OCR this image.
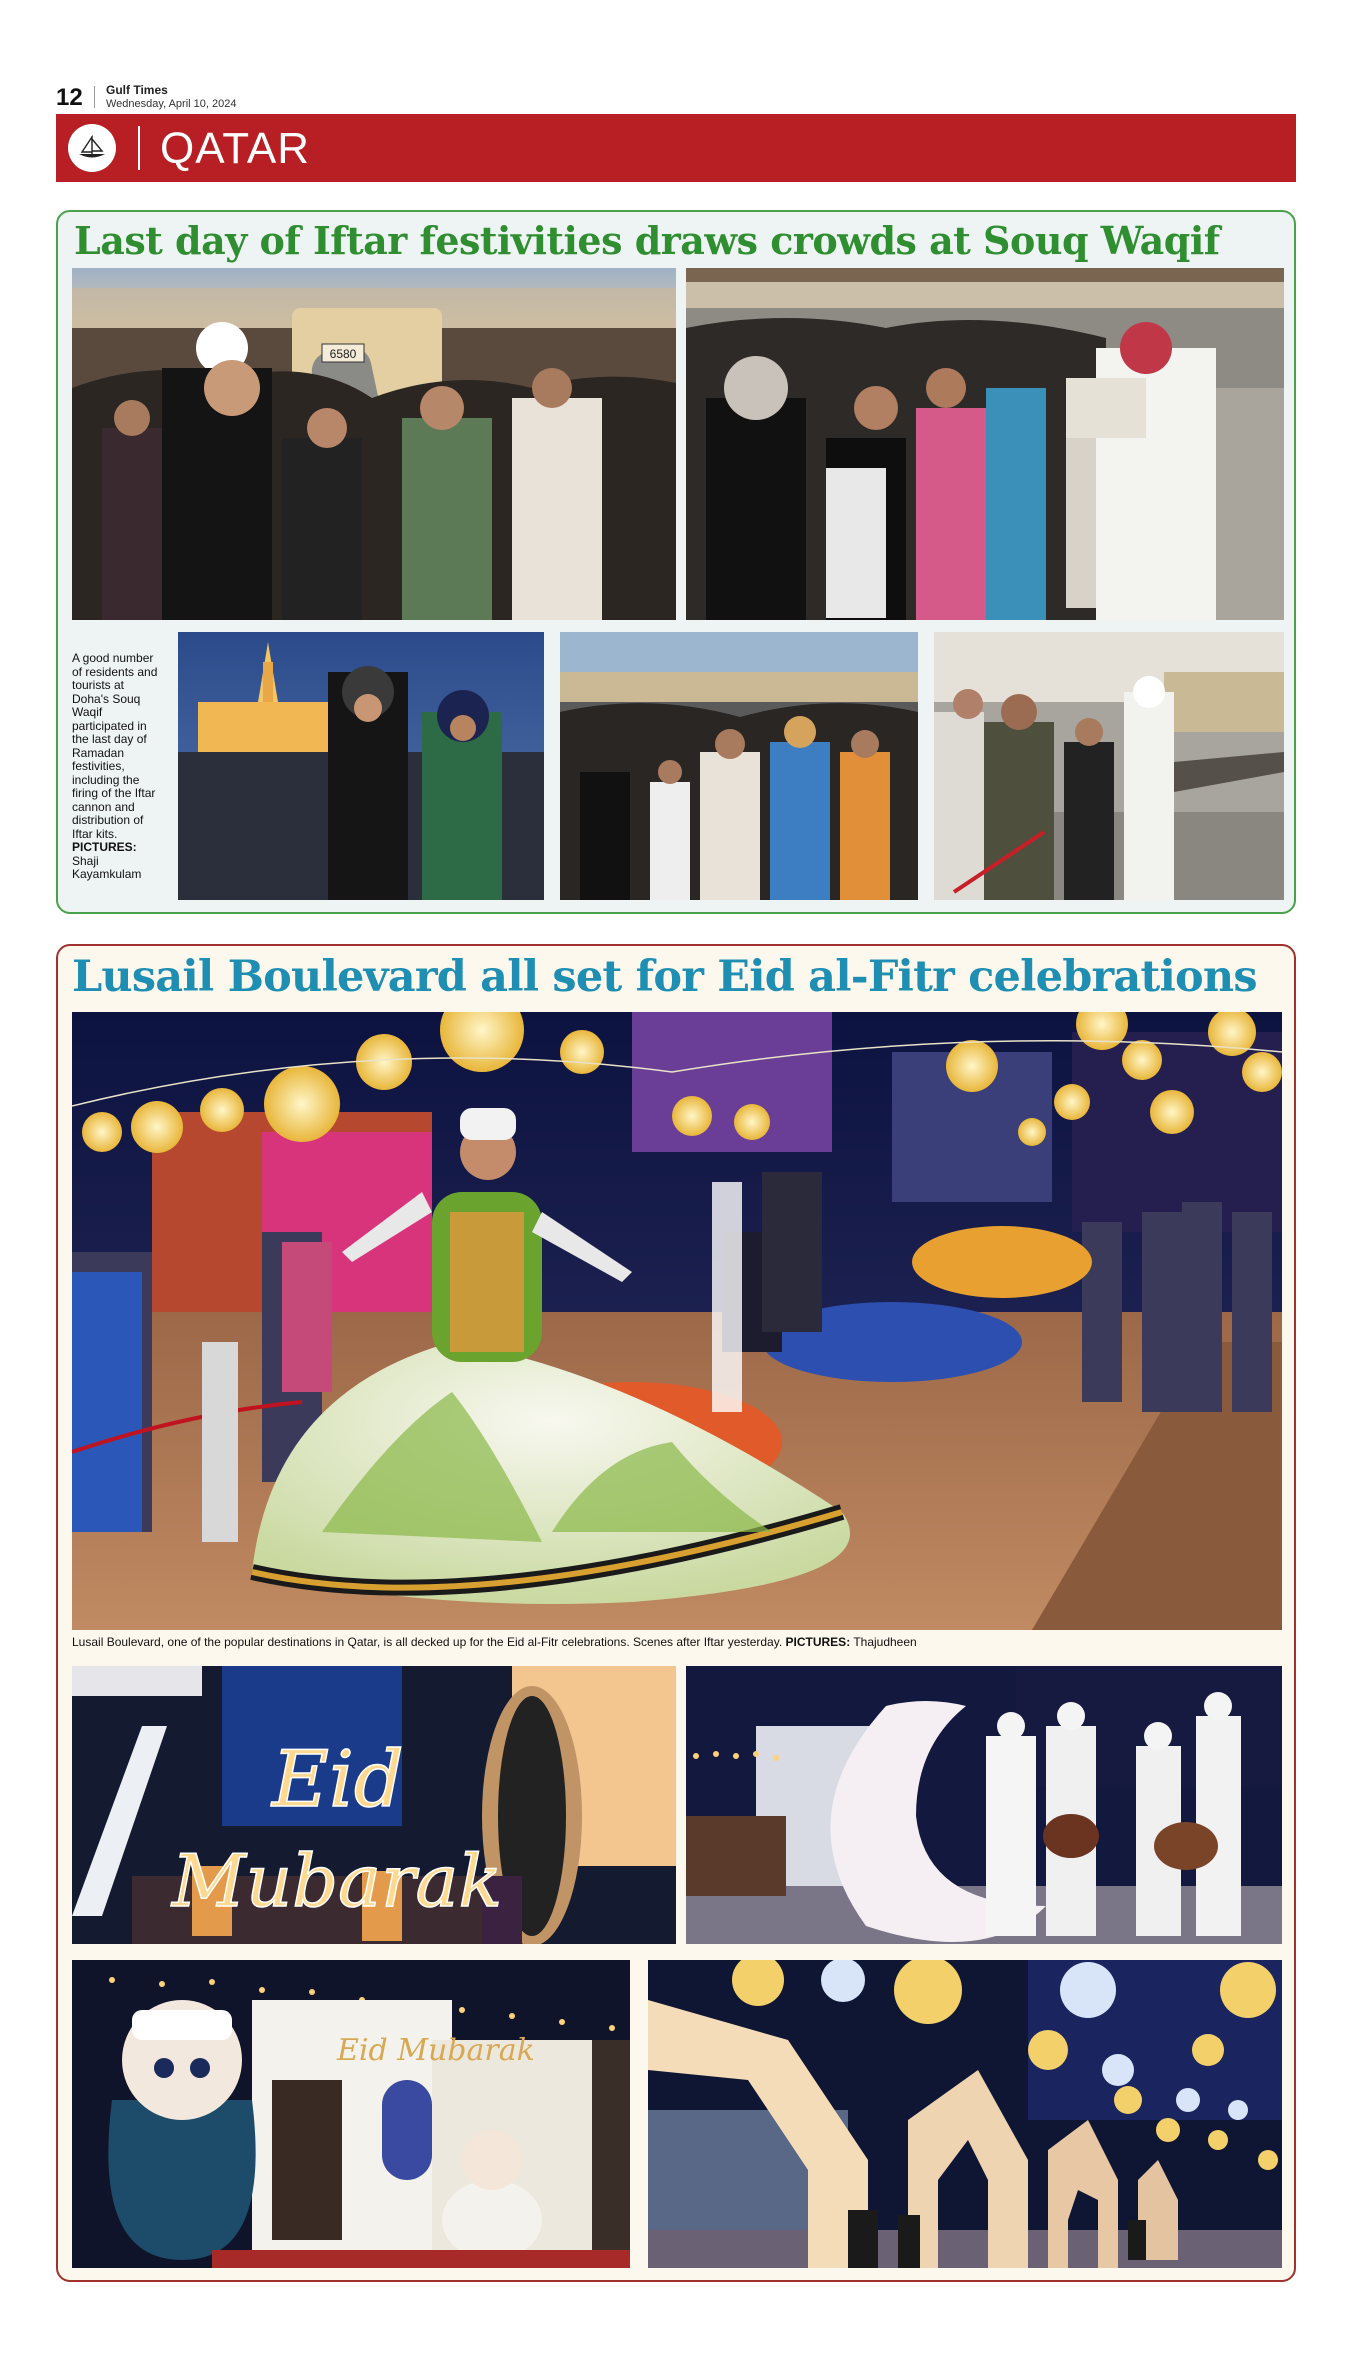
12 Gulf Times
Wednesday, April 10, 2024
QATAR
Last day of Iftar festivities draws crowds at Souq Waqif
6580

A good number of residents and tourists at Doha's Souq Waqif participated in the last day of Ramadan festivities, including the firing of the Iftar cannon and distribution of Iftar kits. PICTURES: Shaji Kayamkulam

Lusail Boulevard all set for Eid al-Fitr celebrations

Lusail Boulevard, one of the popular destinations in Qatar, is all decked up for the Eid al-Fitr celebrations. Scenes after Iftar yesterday. PICTURES: Thajudheen

Eid
Mubarak
Eid Mubarak
